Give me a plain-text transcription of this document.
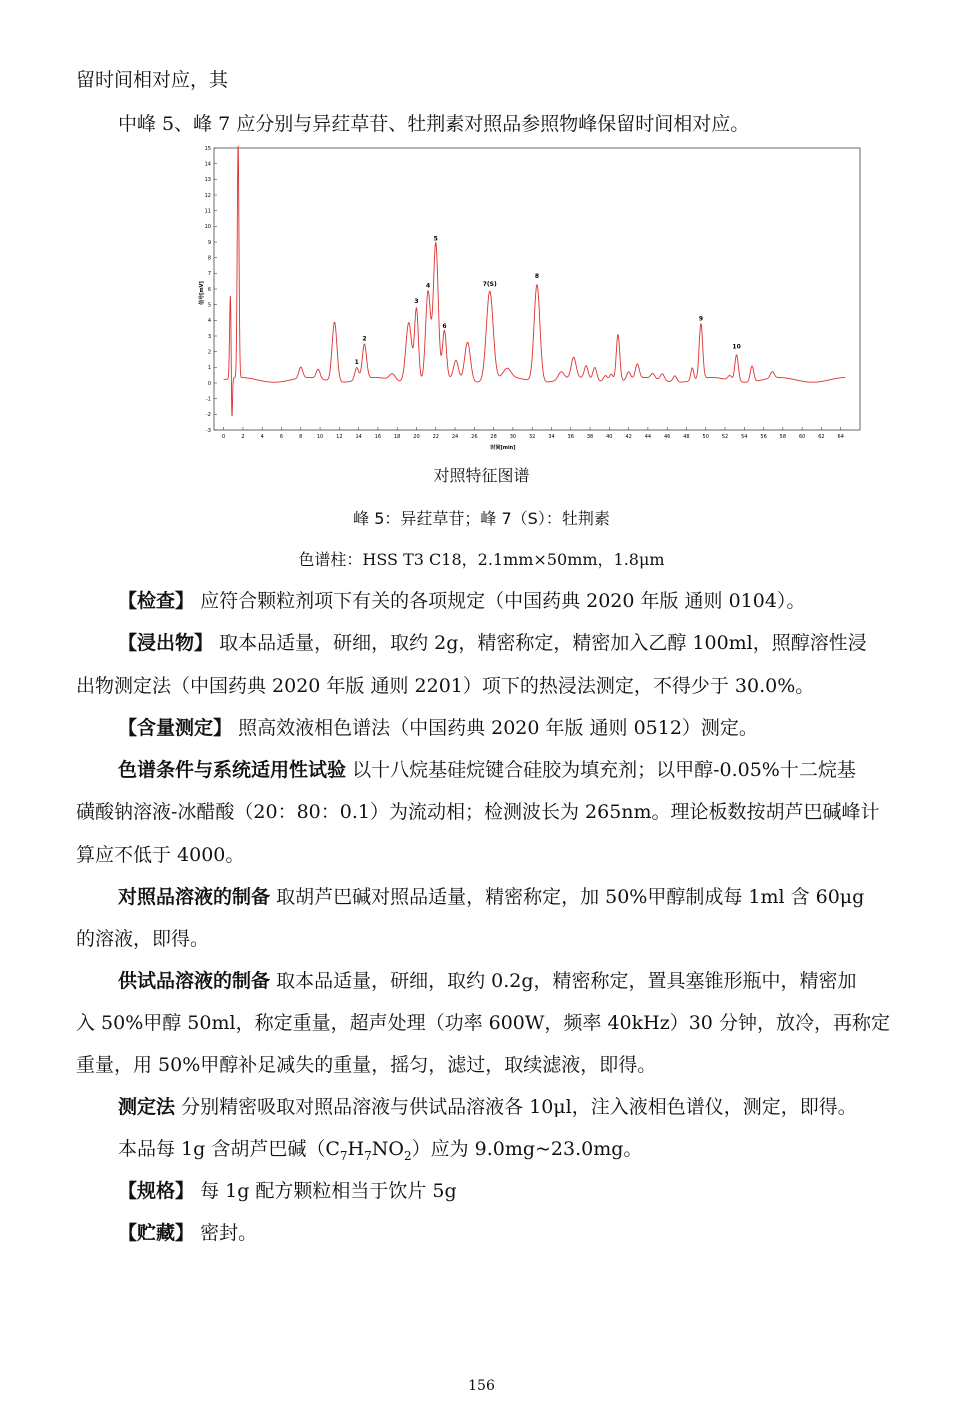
留时间相对应，其
中峰 5、峰 7 应分别与异荭草苷、牡荆素对照品参照物峰保留时间相对应。
-3
-2
-1
0
1
2
3
4
5
6
7
8
9
10
11
12
13
14
15
0	2	4	6	8	10	12	14	16	18	20	22	24	26	28	30	32	34	36	38	40	42	44	46	48	50	52	54	56	58	60	62	64
信号[mV]
时间[min]
1
2
3
4
5
6
7(S)
8
9
10
对照特征图谱
峰 5：异荭草苷；峰 7（S）：牡荆素
色谱柱：HSS T3 C18，2.1mm×50mm，1.8μm
【检查】 应符合颗粒剂项下有关的各项规定（中国药典 2020 年版 通则 0104）。
【浸出物】 取本品适量，研细，取约 2g，精密称定，精密加入乙醇 100ml，照醇溶性浸
出物测定法（中国药典 2020 年版 通则 2201）项下的热浸法测定，不得少于 30.0%。
【含量测定】 照高效液相色谱法（中国药典 2020 年版 通则 0512）测定。
色谱条件与系统适用性试验 以十八烷基硅烷键合硅胶为填充剂；以甲醇-0.05%十二烷基
磺酸钠溶液-冰醋酸（20：80：0.1）为流动相；检测波长为 265nm。理论板数按胡芦巴碱峰计
算应不低于 4000。
对照品溶液的制备 取胡芦巴碱对照品适量，精密称定，加 50%甲醇制成每 1ml 含 60μg
的溶液，即得。
供试品溶液的制备 取本品适量，研细，取约 0.2g，精密称定，置具塞锥形瓶中，精密加
入 50%甲醇 50ml，称定重量，超声处理（功率 600W，频率 40kHz）30 分钟，放冷，再称定
重量，用 50%甲醇补足减失的重量，摇匀，滤过，取续滤液，即得。
测定法 分别精密吸取对照品溶液与供试品溶液各 10μl，注入液相色谱仪，测定，即得。
本品每 1g 含胡芦巴碱$(C_7H_7NO_2)$应为 9.0mg~23.0mg。
【规格】 每 1g 配方颗粒相当于饮片 5g
【贮藏】 密封。
156
